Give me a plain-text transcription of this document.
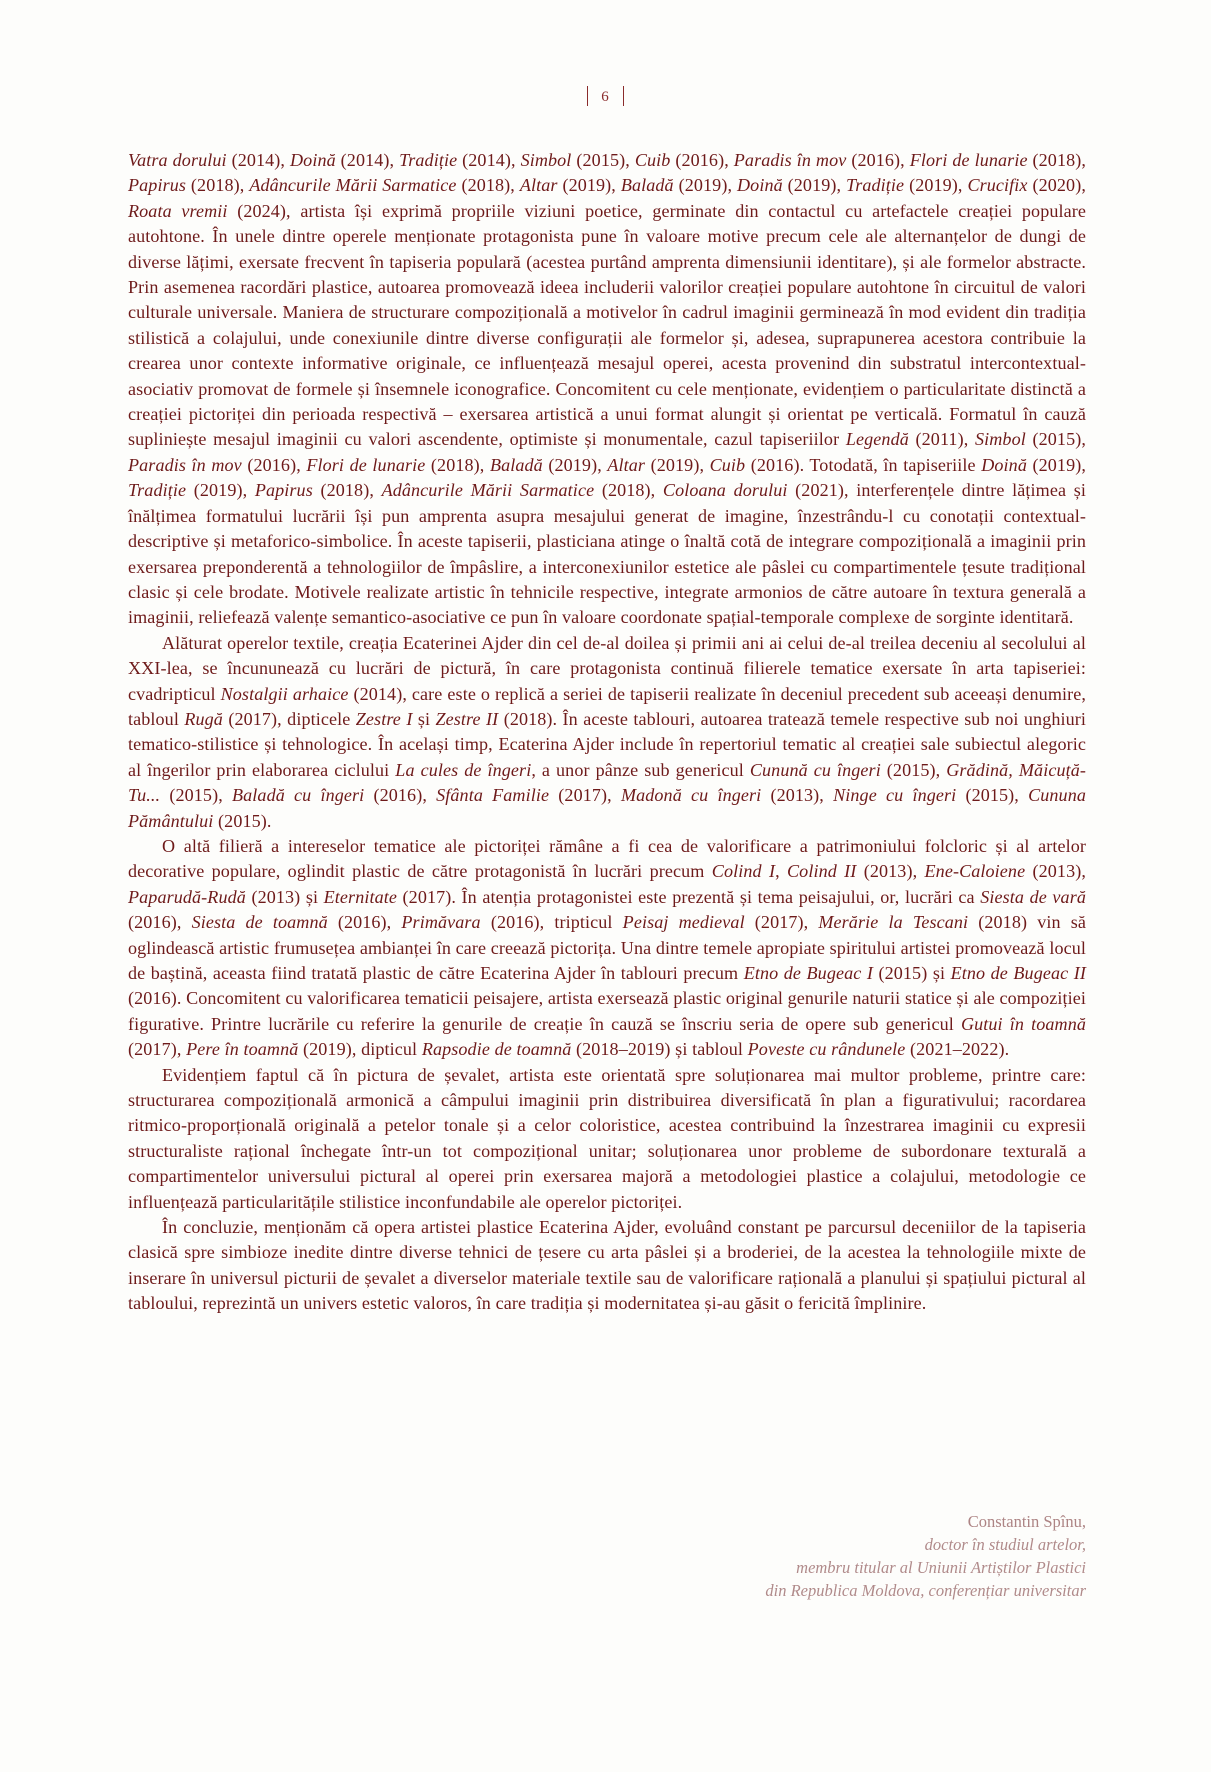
6

Vatra dorului (2014), Doină (2014), Tradiție (2014), Simbol (2015), Cuib (2016), Paradis în mov (2016), Flori de lunarie (2018), Papirus (2018), Adâncurile Mării Sarmatice (2018), Altar (2019), Baladă (2019), Doină (2019), Tradiție (2019), Crucifix (2020), Roata vremii (2024), artista își exprimă propriile viziuni poetice, germinate din contactul cu artefactele creației populare autohtone. În unele dintre operele menționate protagonista pune în valoare motive precum cele ale alternanțelor de dungi de diverse lățimi, exersate frecvent în tapiseria populară (acestea purtând amprenta dimensiunii identitare), și ale formelor abstracte. Prin asemenea racordări plastice, autoarea promovează ideea includerii valorilor creației populare autohtone în circuitul de valori culturale universale. Maniera de structurare compozițională a motivelor în cadrul imaginii germinează în mod evident din tradiția stilistică a colajului, unde conexiunile dintre diverse configurații ale formelor și, adesea, suprapunerea acestora contribuie la crearea unor contexte informative originale, ce influențează mesajul operei, acesta provenind din substratul intercontextual-asociativ promovat de formele și însemnele iconografice. Concomitent cu cele menționate, evidențiem o particularitate distinctă a creației pictoriței din perioada respectivă – exersarea artistică a unui format alungit și orientat pe verticală. Formatul în cauză supliniește mesajul imaginii cu valori ascendente, optimiste și monumentale, cazul tapiseriilor Legendă (2011), Simbol (2015), Paradis în mov (2016), Flori de lunarie (2018), Baladă (2019), Altar (2019), Cuib (2016). Totodată, în tapiseriile Doină (2019), Tradiție (2019), Papirus (2018), Adâncurile Mării Sarmatice (2018), Coloana dorului (2021), interferențele dintre lățimea și înălțimea formatului lucrării își pun amprenta asupra mesajului generat de imagine, înzestrându-l cu conotații contextual-descriptive și metaforico-simbolice. În aceste tapiserii, plasticiana atinge o înaltă cotă de integrare compozițională a imaginii prin exersarea preponderentă a tehnologiilor de împâslire, a interconexiunilor estetice ale pâslei cu compartimentele țesute tradițional clasic și cele brodate. Motivele realizate artistic în tehnicile respective, integrate armonios de către autoare în textura generală a imaginii, reliefează valențe semantico-asociative ce pun în valoare coordonate spațial-temporale complexe de sorginte identitară.

Alăturat operelor textile, creația Ecaterinei Ajder din cel de-al doilea și primii ani ai celui de-al treilea deceniu al secolului al XXI-lea, se încununează cu lucrări de pictură, în care protagonista continuă filierele tematice exersate în arta tapiseriei: cvadripticul Nostalgii arhaice (2014), care este o replică a seriei de tapiserii realizate în deceniul precedent sub aceeași denumire, tabloul Rugă (2017), dipticele Zestre I și Zestre II (2018). În aceste tablouri, autoarea tratează temele respective sub noi unghiuri tematico-stilistice și tehnologice. În același timp, Ecaterina Ajder include în repertoriul tematic al creației sale subiectul alegoric al îngerilor prin elaborarea ciclului La cules de îngeri, a unor pânze sub genericul Cunună cu îngeri (2015), Grădină, Măicuță-Tu... (2015), Baladă cu îngeri (2016), Sfânta Familie (2017), Madonă cu îngeri (2013), Ninge cu îngeri (2015), Cununa Pământului (2015).

O altă filieră a intereselor tematice ale pictoriței rămâne a fi cea de valorificare a patrimoniului folcloric și al artelor decorative populare, oglindit plastic de către protagonistă în lucrări precum Colind I, Colind II (2013), Ene-Caloiene (2013), Paparudă-Rudă (2013) și Eternitate (2017). În atenția protagonistei este prezentă și tema peisajului, or, lucrări ca Siesta de vară (2016), Siesta de toamnă (2016), Primăvara (2016), tripticul Peisaj medieval (2017), Merărie la Tescani (2018) vin să oglindească artistic frumusețea ambianței în care creează pictorița. Una dintre temele apropiate spiritului artistei promovează locul de baștină, aceasta fiind tratată plastic de către Ecaterina Ajder în tablouri precum Etno de Bugeac I (2015) și Etno de Bugeac II (2016). Concomitent cu valorificarea tematicii peisajere, artista exersează plastic original genurile naturii statice și ale compoziției figurative. Printre lucrările cu referire la genurile de creație în cauză se înscriu seria de opere sub genericul Gutui în toamnă (2017), Pere în toamnă (2019), dipticul Rapsodie de toamnă (2018–2019) și tabloul Poveste cu rândunele (2021–2022).

Evidențiem faptul că în pictura de șevalet, artista este orientată spre soluționarea mai multor probleme, printre care: structurarea compozițională armonică a câmpului imaginii prin distribuirea diversificată în plan a figurativului; racordarea ritmico-proporțională originală a petelor tonale și a celor coloristice, acestea contribuind la înzestrarea imaginii cu expresii structuraliste rațional închegate într-un tot compozițional unitar; soluționarea unor probleme de subordonare texturală a compartimentelor universului pictural al operei prin exersarea majoră a metodologiei plastice a colajului, metodologie ce influențează particularitățile stilistice inconfundabile ale operelor pictoriței.

În concluzie, menționăm că opera artistei plastice Ecaterina Ajder, evoluând constant pe parcursul deceniilor de la tapiseria clasică spre simbioze inedite dintre diverse tehnici de țesere cu arta pâslei și a broderiei, de la acestea la tehnologiile mixte de inserare în universul picturii de șevalet a diverselor materiale textile sau de valorificare rațională a planului și spațiului pictural al tabloului, reprezintă un univers estetic valoros, în care tradiția și modernitatea și-au găsit o fericită împlinire.

Constantin Spînu,
doctor în studiul artelor,
membru titular al Uniunii Artiștilor Plastici
din Republica Moldova, conferențiar universitar
